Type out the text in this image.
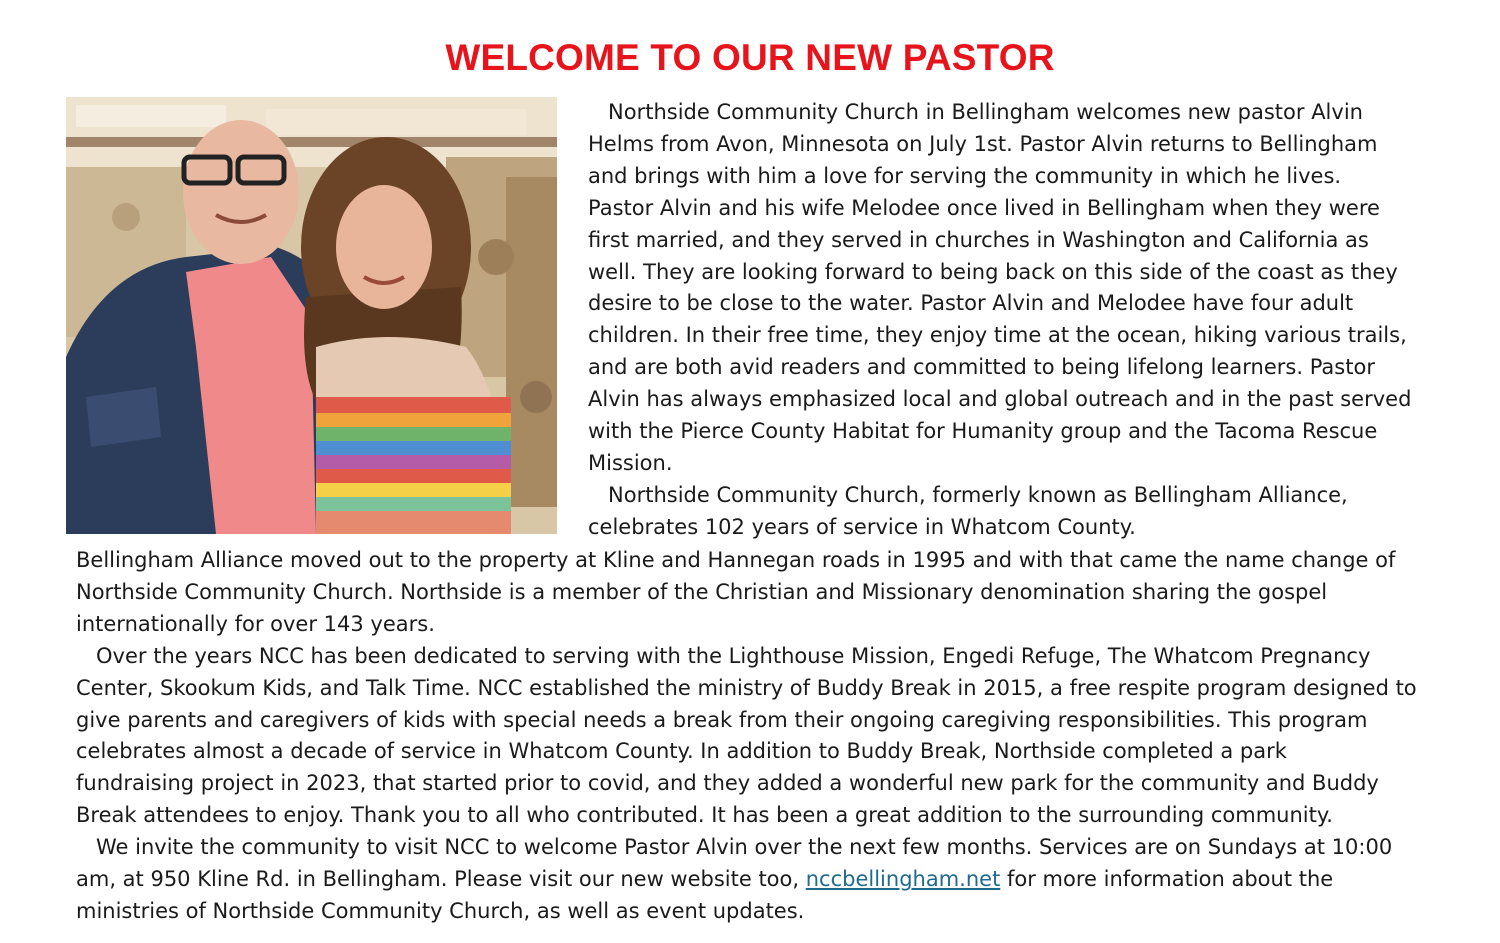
WELCOME TO OUR NEW PASTOR
Northside Community Church in Bellingham welcomes new pastor Alvin
Helms from Avon, Minnesota on July 1st. Pastor Alvin returns to Bellingham
and brings with him a love for serving the community in which he lives.
Pastor Alvin and his wife Melodee once lived in Bellingham when they were
first married, and they served in churches in Washington and California as
well. They are looking forward to being back on this side of the coast as they
desire to be close to the water. Pastor Alvin and Melodee have four adult
children. In their free time, they enjoy time at the ocean, hiking various trails,
and are both avid readers and committed to being lifelong learners. Pastor
Alvin has always emphasized local and global outreach and in the past served
with the Pierce County Habitat for Humanity group and the Tacoma Rescue
Mission.
Northside Community Church, formerly known as Bellingham Alliance,
celebrates 102 years of service in Whatcom County.
Bellingham Alliance moved out to the property at Kline and Hannegan roads in 1995 and with that came the name change of
Northside Community Church. Northside is a member of the Christian and Missionary denomination sharing the gospel
internationally for over 143 years.
Over the years NCC has been dedicated to serving with the Lighthouse Mission, Engedi Refuge, The Whatcom Pregnancy
Center, Skookum Kids, and Talk Time. NCC established the ministry of Buddy Break in 2015, a free respite program designed to
give parents and caregivers of kids with special needs a break from their ongoing caregiving responsibilities. This program
celebrates almost a decade of service in Whatcom County. In addition to Buddy Break, Northside completed a park
fundraising project in 2023, that started prior to covid, and they added a wonderful new park for the community and Buddy
Break attendees to enjoy. Thank you to all who contributed. It has been a great addition to the surrounding community.
We invite the community to visit NCC to welcome Pastor Alvin over the next few months. Services are on Sundays at 10:00
am, at 950 Kline Rd. in Bellingham. Please visit our new website too, nccbellingham.net for more information about the
ministries of Northside Community Church, as well as event updates.
